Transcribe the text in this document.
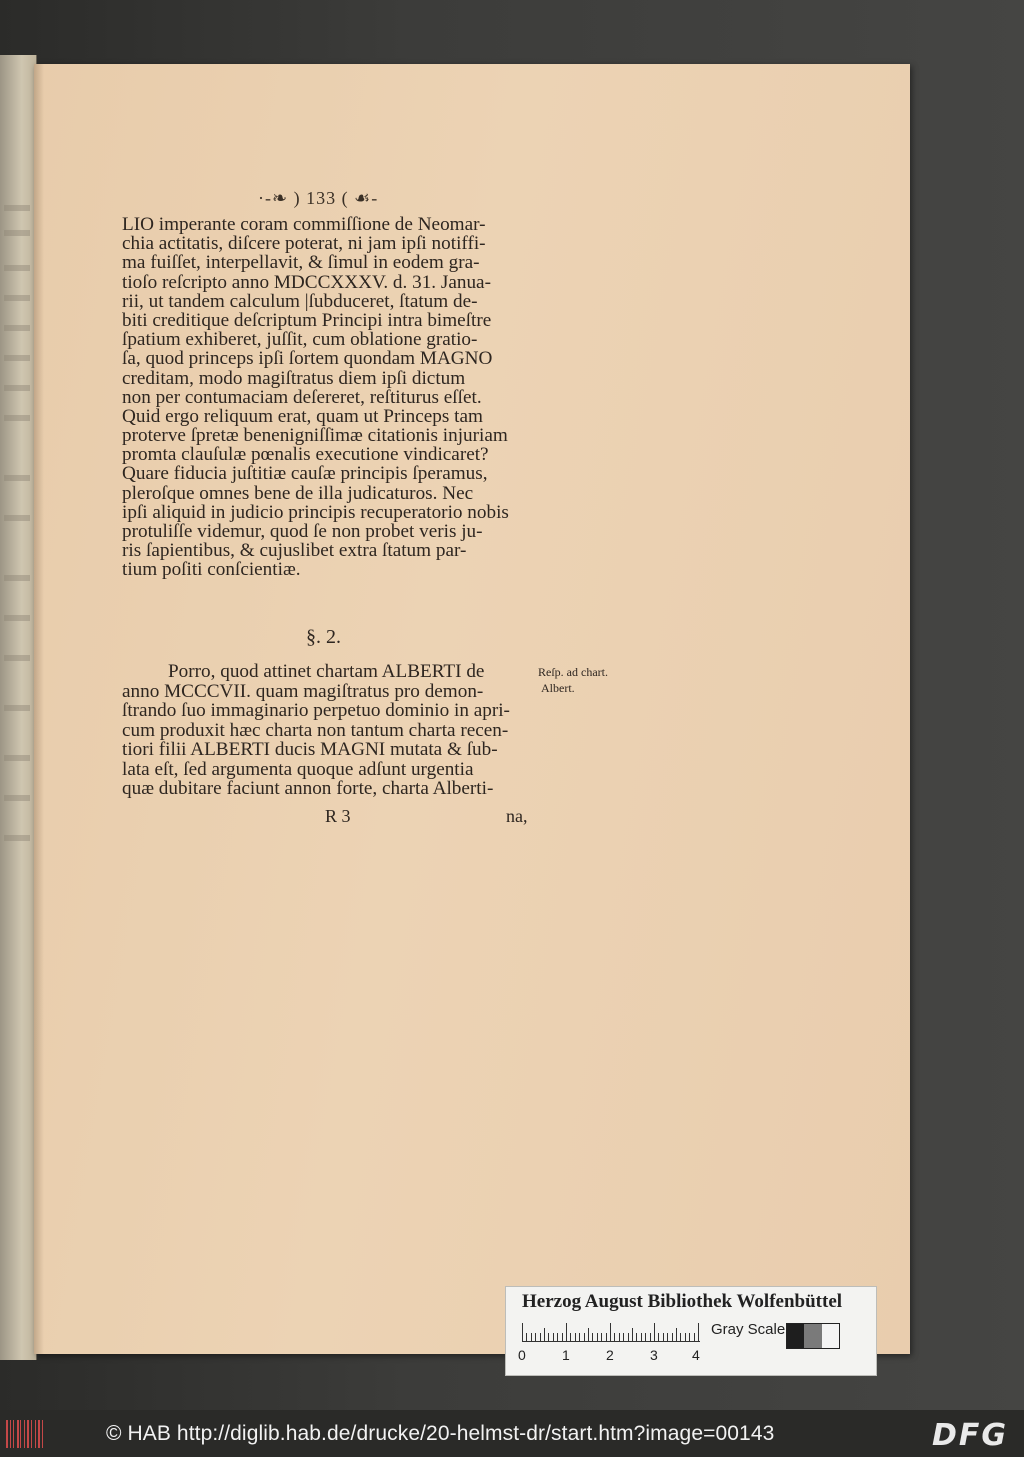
·-❧ ) 133 ( ☙-
LIO imperante coram commiſſione de Neomar-
chia actitatis, diſcere poterat, ni jam ipſi notiffi-
ma fuiſſet, interpellavit, & ſimul in eodem gra-
tioſo reſcripto anno MDCCXXXV. d. 31. Janua-
rii, ut tandem calculum |ſubduceret, ſtatum de-
biti creditique deſcriptum Principi intra bimeſtre
ſpatium exhiberet, juſſit, cum oblatione gratio-
ſa, quod princeps ipſi ſortem quondam MAGNO
creditam, modo magiſtratus diem ipſi dictum
non per contumaciam deſereret, reſtiturus eſſet.
Quid ergo reliquum erat, quam ut Princeps tam
proterve ſpretæ benenigniſſimæ citationis injuriam
promta clauſulæ pœnalis executione vindicaret?
Quare fiducia juſtitiæ cauſæ principis ſperamus,
pleroſque omnes bene de illa judicaturos. Nec
ipſi aliquid in judicio principis recuperatorio nobis
protuliſſe videmur, quod ſe non probet veris ju-
ris ſapientibus, & cujuslibet extra ſtatum par-
tium poſiti conſcientiæ.
§. 2.
Porro, quod attinet chartam ALBERTI de
anno MCCCVII. quam magiſtratus pro demon-
ſtrando ſuo immaginario perpetuo dominio in apri-
cum produxit hæc charta non tantum charta recen-
tiori filii ALBERTI ducis MAGNI mutata & ſub-
lata eſt, ſed argumenta quoque adſunt urgentia
quæ dubitare faciunt annon forte, charta Alberti-
Reſp. ad chart.
Albert.
R 3	na,
Herzog August Bibliothek Wolfenbüttel
0	1	2	3 4
Gray Scale
© HAB http://diglib.hab.de/drucke/20-helmst-dr/start.htm?image=00143	DFG
